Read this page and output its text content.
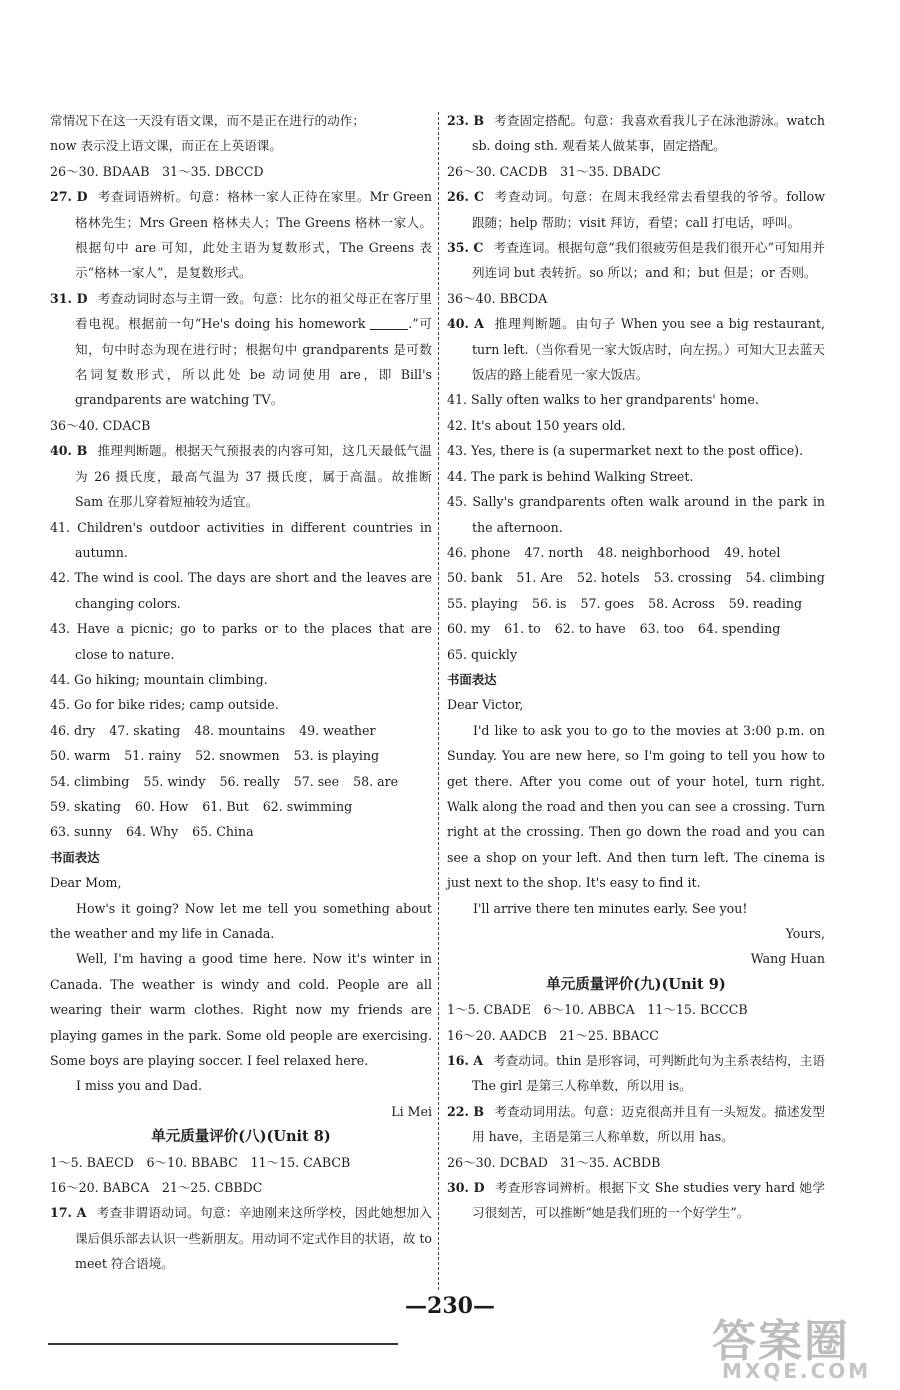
常情况下在这一天没有语文课，而不是正在进行的动作；

now 表示没上语文课，而正在上英语课。

26～30. BDAAB　31～35. DBCCD

27. D 考查词语辨析。句意：格林一家人正待在家里。Mr Green 格林先生；Mrs Green 格林夫人；The Greens 格林一家人。根据句中 are 可知，此处主语为复数形式，The Greens 表示“格林一家人”，是复数形式。

31. D 考查动词时态与主谓一致。句意：比尔的祖父母正在客厅里看电视。根据前一句“He's doing his homework	.”可知，句中时态为现在进行时；根据句中 grandparents 是可数名词复数形式，所以此处 be 动词使用 are，即 Bill's grandparents are watching TV。

36～40. CDACB

40. B 推理判断题。根据天气预报表的内容可知，这几天最低气温为 26 摄氏度，最高气温为 37 摄氏度，属于高温。故推断 Sam 在那儿穿着短袖较为适宜。

41. Children's outdoor activities in different countries in autumn.

42. The wind is cool. The days are short and the leaves are changing colors.

43. Have a picnic; go to parks or to the places that are close to nature.

44. Go hiking; mountain climbing.

45. Go for bike rides; camp outside.

46. dry 47. skating 48. mountains 49. weather

50. warm 51. rainy 52. snowmen 53. is playing

54. climbing 55. windy 56. really 57. see 58. are

59. skating 60. How 61. But 62. swimming

63. sunny 64. Why 65. China

书面表达

Dear Mom,

How's it going? Now let me tell you something about the weather and my life in Canada.

Well, I'm having a good time here. Now it's winter in Canada. The weather is windy and cold. People are all wearing their warm clothes. Right now my friends are playing games in the park. Some old people are exercising. Some boys are playing soccer. I feel relaxed here.

I miss you and Dad.

Li Mei

单元质量评价(八)(Unit 8)

1～5. BAECD　6～10. BBABC　11～15. CABCB

16～20. BABCA　21～25. CBBDC

17. A 考查非谓语动词。句意：辛迪刚来这所学校，因此她想加入课后俱乐部去认识一些新朋友。用动词不定式作目的状语，故 to meet 符合语境。

23. B 考查固定搭配。句意：我喜欢看我儿子在泳池游泳。watch sb. doing sth. 观看某人做某事，固定搭配。

26～30. CACDB　31～35. DBADC

26. C 考查动词。句意：在周末我经常去看望我的爷爷。follow 跟随；help 帮助；visit 拜访，看望；call 打电话，呼叫。

35. C 考查连词。根据句意“我们很疲劳但是我们很开心”可知用并列连词 but 表转折。so 所以；and 和；but 但是；or 否则。

36～40. BBCDA

40. A 推理判断题。由句子 When you see a big restaurant, turn left.（当你看见一家大饭店时，向左拐。）可知大卫去蓝天饭店的路上能看见一家大饭店。

41. Sally often walks to her grandparents' home.

42. It's about 150 years old.

43. Yes, there is (a supermarket next to the post office).

44. The park is behind Walking Street.

45. Sally's grandparents often walk around in the park in the afternoon.

46. phone 47. north 48. neighborhood 49. hotel

50. bank 51. Are 52. hotels 53. crossing 54. climbing

55. playing 56. is 57. goes 58. Across 59. reading

60. my 61. to 62. to have 63. too 64. spending

65. quickly

书面表达

Dear Victor,

I'd like to ask you to go to the movies at 3:00 p.m. on Sunday. You are new here, so I'm going to tell you how to get there. After you come out of your hotel, turn right. Walk along the road and then you can see a crossing. Turn right at the crossing. Then go down the road and you can see a shop on your left. And then turn left. The cinema is just next to the shop. It's easy to find it.

I'll arrive there ten minutes early. See you!

Yours,

Wang Huan

单元质量评价(九)(Unit 9)

1～5. CBADE　6～10. ABBCA　11～15. BCCCB

16～20. AADCB　21～25. BBACC

16. A 考查动词。thin 是形容词，可判断此句为主系表结构，主语 The girl 是第三人称单数，所以用 is。

22. B 考查动词用法。句意：迈克很高并且有一头短发。描述发型用 have，主语是第三人称单数，所以用 has。

26～30. DCBAD　31～35. ACBDB

30. D 考查形容词辨析。根据下文 She studies very hard 她学习很刻苦，可以推断“她是我们班的一个好学生”。

—230—
答案圈
MXQE.COM
